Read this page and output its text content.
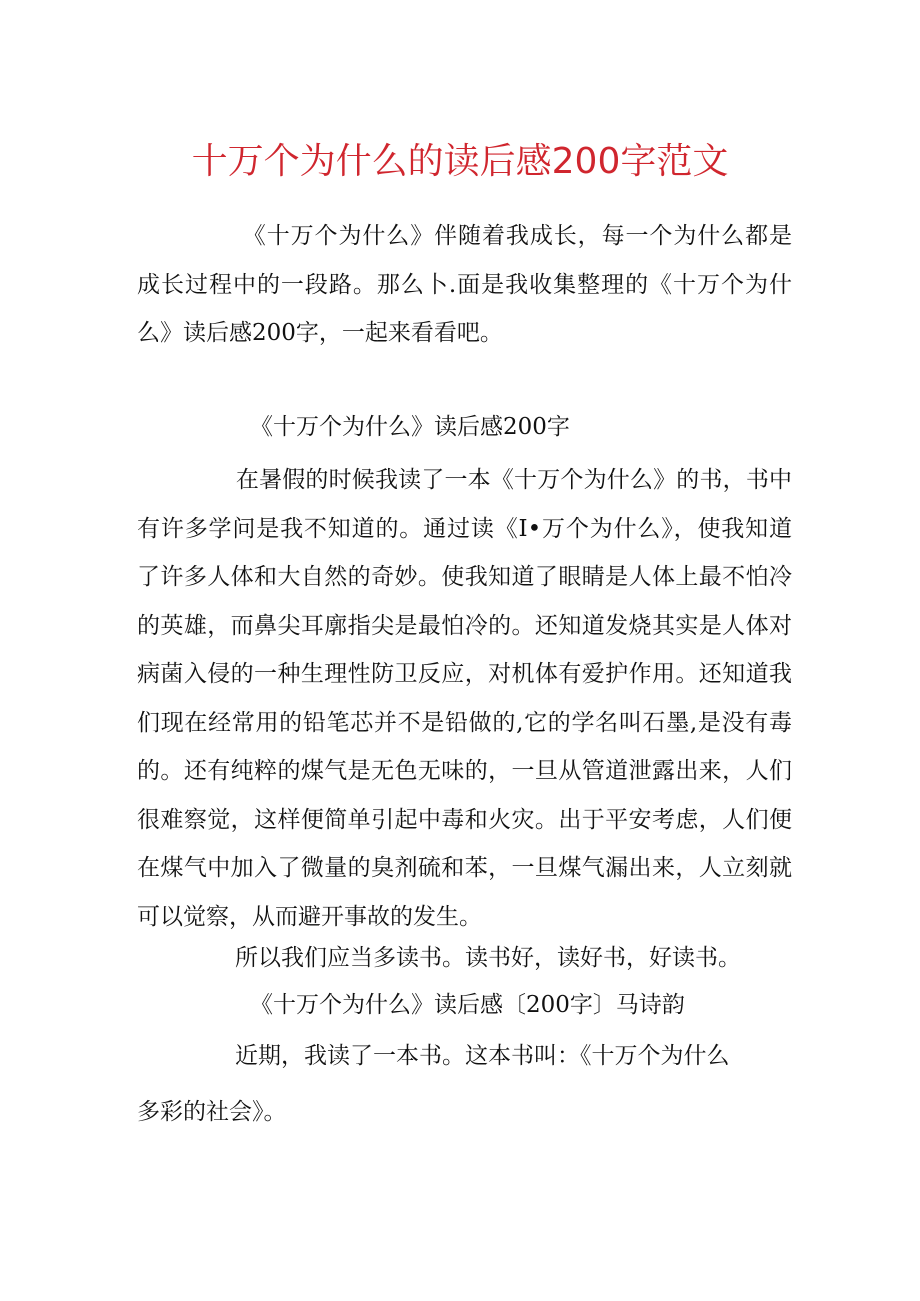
十万个为什么的读后感200字范文
《十万个为什么》伴随着我成长，每一个为什么都是成长过程中的一段路。那么卜.面是我收集整理的《十万个为什么》读后感200字，一起来看看吧。
《十万个为什么》读后感200字
在暑假的时候我读了一本《十万个为什么》的书，书中有许多学问是我不知道的。通过读《I•万个为什么》，使我知道了许多人体和大自然的奇妙。使我知道了眼睛是人体上最不怕冷的英雄，而鼻尖耳廓指尖是最怕冷的。还知道发烧其实是人体对病菌入侵的一种生理性防卫反应，对机体有爱护作用。还知道我们现在经常用的铅笔芯并不是铅做的,它的学名叫石墨,是没有毒的。还有纯粹的煤气是无色无味的，一旦从管道泄露出来，人们很难察觉，这样便简单引起中毒和火灾。出于平安考虑，人们便在煤气中加入了微量的臭剂硫和苯，一旦煤气漏出来，人立刻就可以觉察，从而避开事故的发生。
所以我们应当多读书。读书好，读好书，好读书。
《十万个为什么》读后感〔200字〕马诗韵
近期，我读了一本书。这本书叫：《十万个为什么
多彩的社会》。
